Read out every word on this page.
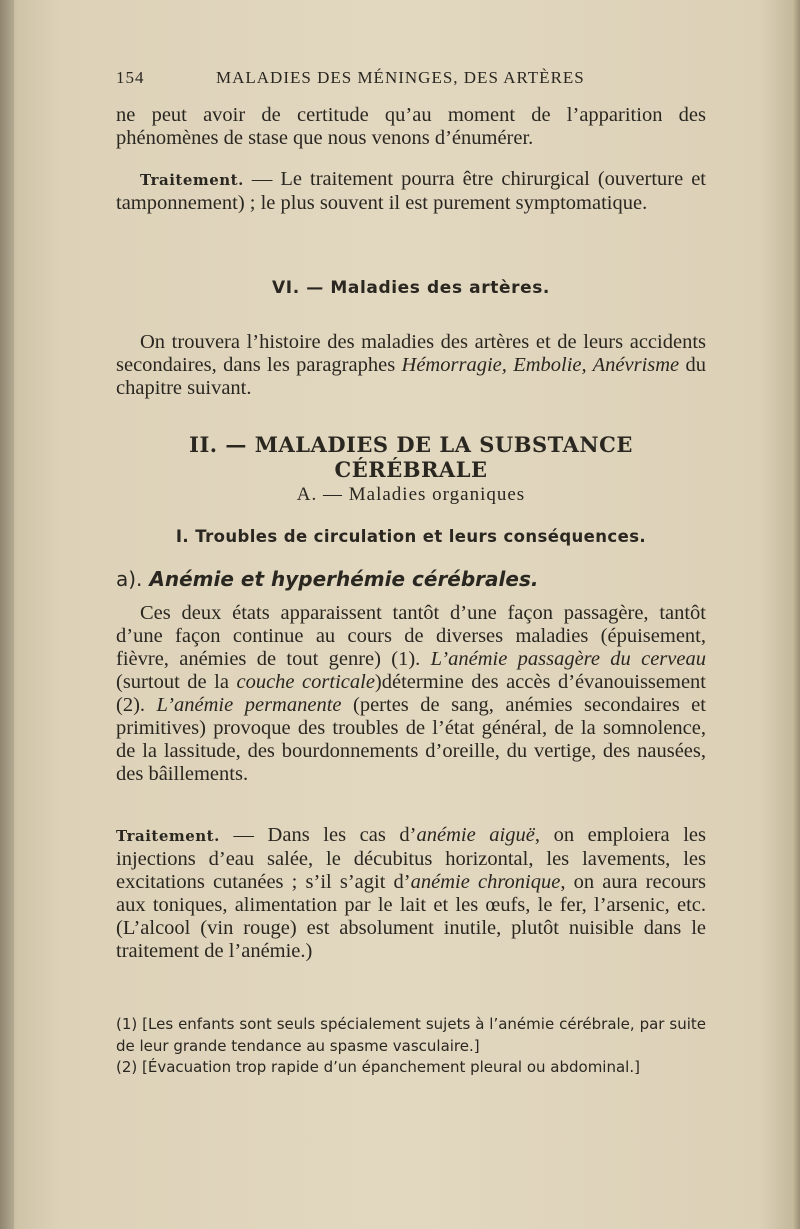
154	MALADIES DES MÉNINGES, DES ARTÈRES

ne peut avoir de certitude qu’au moment de l’apparition des phénomènes de stase que nous venons d’énumérer.

Traitement. — Le traitement pourra être chirurgical (ouverture et tamponnement) ; le plus souvent il est purement symptomatique.

VI. — Maladies des artères.

On trouvera l’histoire des maladies des artères et de leurs accidents secondaires, dans les paragraphes Hémorragie, Embolie, Anévrisme du chapitre suivant.

II. — MALADIES DE LA SUBSTANCE CÉRÉBRALE
A. — Maladies organiques
I. Troubles de circulation et leurs conséquences.
a). Anémie et hyperhémie cérébrales.

Ces deux états apparaissent tantôt d’une façon passagère, tantôt d’une façon continue au cours de diverses maladies (épuisement, fièvre, anémies de tout genre) (1). L’anémie passagère du cerveau (surtout de la couche corticale)détermine des accès d’évanouissement (2). L’anémie permanente (pertes de sang, anémies secondaires et primitives) provoque des troubles de l’état général, de la somnolence, de la lassitude, des bourdonnements d’oreille, du vertige, des nausées, des bâillements.

Traitement. — Dans les cas d’anémie aiguë, on emploiera les injections d’eau salée, le décubitus horizontal, les lavements, les excitations cutanées ; s’il s’agit d’anémie chronique, on aura recours aux toniques, alimentation par le lait et les œufs, le fer, l’arsenic, etc. (L’alcool (vin rouge) est absolument inutile, plutôt nuisible dans le traitement de l’anémie.)

(1) [Les enfants sont seuls spécialement sujets à l’anémie cérébrale, par suite de leur grande tendance au spasme vasculaire.]

(2) [Évacuation trop rapide d’un épanchement pleural ou abdominal.]
